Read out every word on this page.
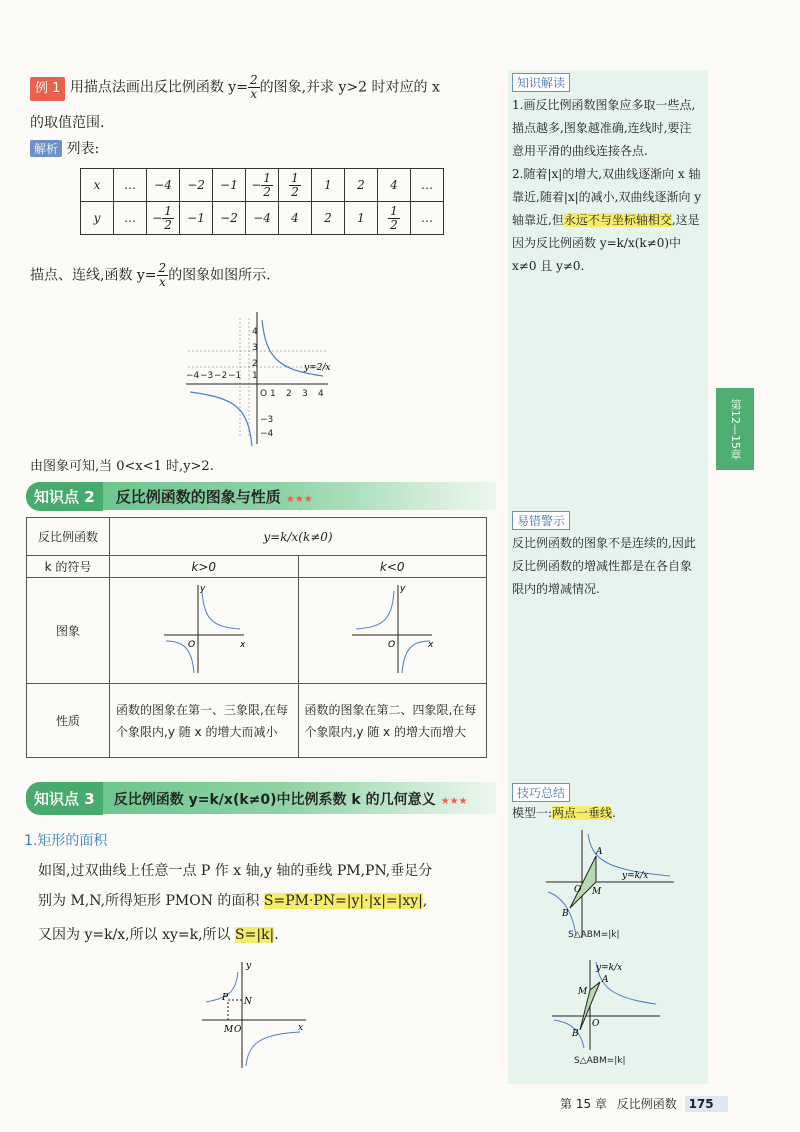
例 1 用描点法画出反比例函数 $y= \frac{2}{x}$ 的图象,并求 y>2 时对应的 x
的取值范围.
解析 列表:
x	…	−4	−2	−1	− $\frac{1}{2}$	$\frac{1}{2}$	1	2	4	…
y	…	− $\frac{1}{2}$	−1	−2	−4	4	2	1	$\frac{1}{2}$	…
描点、连线,函数 $y= \frac{2}{x}$ 的图象如图所示.
y=2/x
4
3
2
1
O 1 2 3 4
−4 −3 −2 −1
−3
−4
由图象可知,当 0<x<1 时,y>2.
知识点 2 反比例函数的图象与性质 ★★★
反比例函数	y=k/x(k≠0)	
k 的符号	k>0	k<0
图象	y
x
O	y
x
O

性质	函数的图象在第一、三象限,在每个象限内,y 随 x 的增大而减小	函数的图象在第二、四象限,在每个象限内,y 随 x 的增大而增大
知识点 3 反比例函数 y=k/x(k≠0)中比例系数 k 的几何意义 ★★★
1.矩形的面积
如图,过双曲线上任意一点 P 作 x 轴,y 轴的垂线 PM,PN,垂足分
别为 M,N,所得矩形 PMON 的面积 S=PM·PN=|y|·|x|=|xy|,
又因为 y=k/x,所以 xy=k,所以 S=|k|.
P N
M O	x
y
知识解读
1.画反比例函数图象应多取一些点,描点越多,图象越准确,连线时,要注意用平滑的曲线连接各点.
2.随着|x|的增大,双曲线逐渐向 x 轴靠近,随着|x|的减小,双曲线逐渐向 y 轴靠近,但永远不与坐标轴相交,这是因为反比例函数 y=k/x(k≠0)中 x≠0 且 y≠0.
易错警示
反比例函数的图象不是连续的,因此反比例函数的增减性都是在各自象限内的增减情况.
技巧总结
模型一:两点一垂线.
A
B
M
O
y=k/x
S△ABM=|k|
A
B
M
O
y=k/x
S△ABM=|k|
第12—15章
第 15 章 反比例函数 175
